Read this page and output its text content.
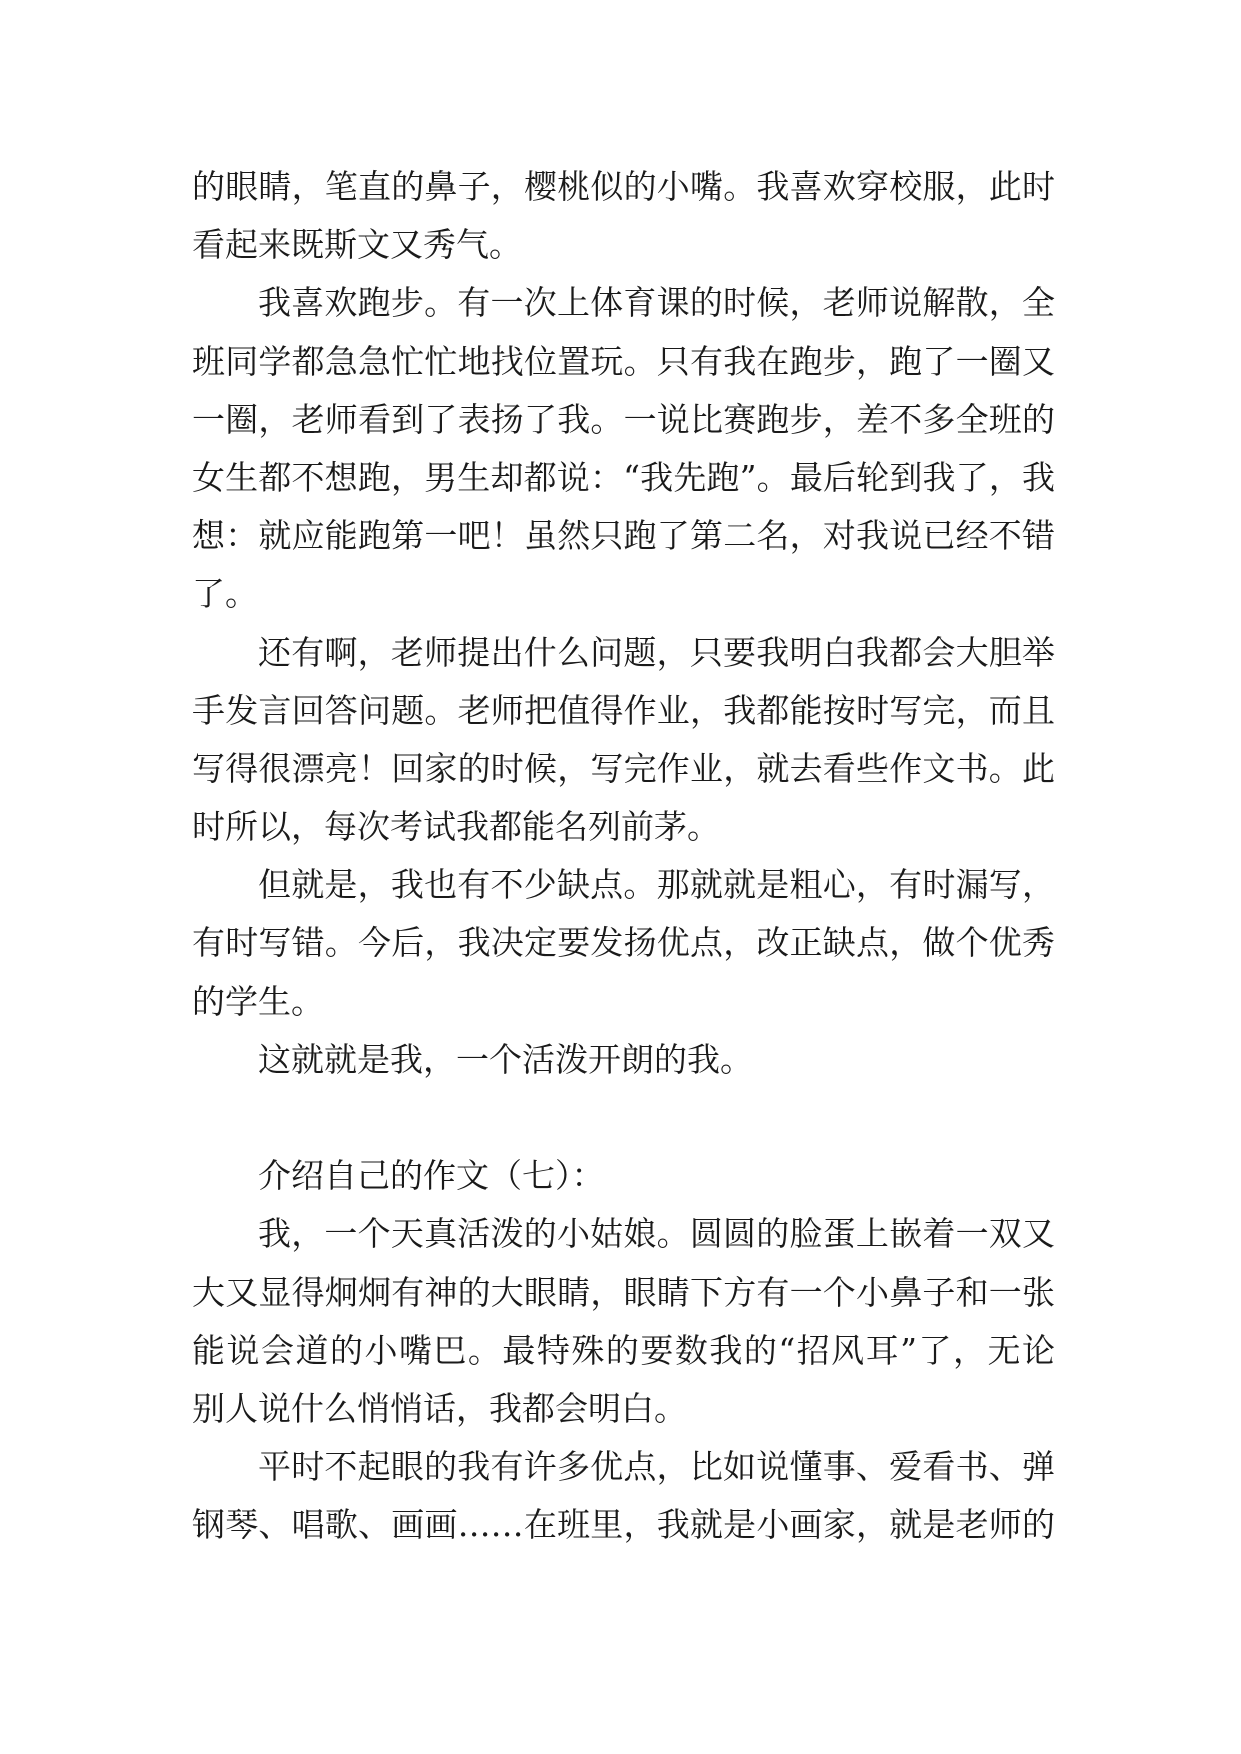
的眼睛，笔直的鼻子，樱桃似的小嘴。我喜欢穿校服，此时
看起来既斯文又秀气。
我喜欢跑步。有一次上体育课的时候，老师说解散，全
班同学都急急忙忙地找位置玩。只有我在跑步，跑了一圈又
一圈，老师看到了表扬了我。一说比赛跑步，差不多全班的
女生都不想跑，男生却都说：“我先跑”。最后轮到我了，我
想：就应能跑第一吧！虽然只跑了第二名，对我说已经不错
了。
还有啊，老师提出什么问题，只要我明白我都会大胆举
手发言回答问题。老师把值得作业，我都能按时写完，而且
写得很漂亮！回家的时候，写完作业，就去看些作文书。此
时所以，每次考试我都能名列前茅。
但就是，我也有不少缺点。那就就是粗心，有时漏写，
有时写错。今后，我决定要发扬优点，改正缺点，做个优秀
的学生。
这就就是我，一个活泼开朗的我。
介绍自己的作文（七）：
我，一个天真活泼的小姑娘。圆圆的脸蛋上嵌着一双又
大又显得炯炯有神的大眼睛，眼睛下方有一个小鼻子和一张
能说会道的小嘴巴。最特殊的要数我的“招风耳”了，无论
别人说什么悄悄话，我都会明白。
平时不起眼的我有许多优点，比如说懂事、爱看书、弹
钢琴、唱歌、画画……在班里，我就是小画家，就是老师的
